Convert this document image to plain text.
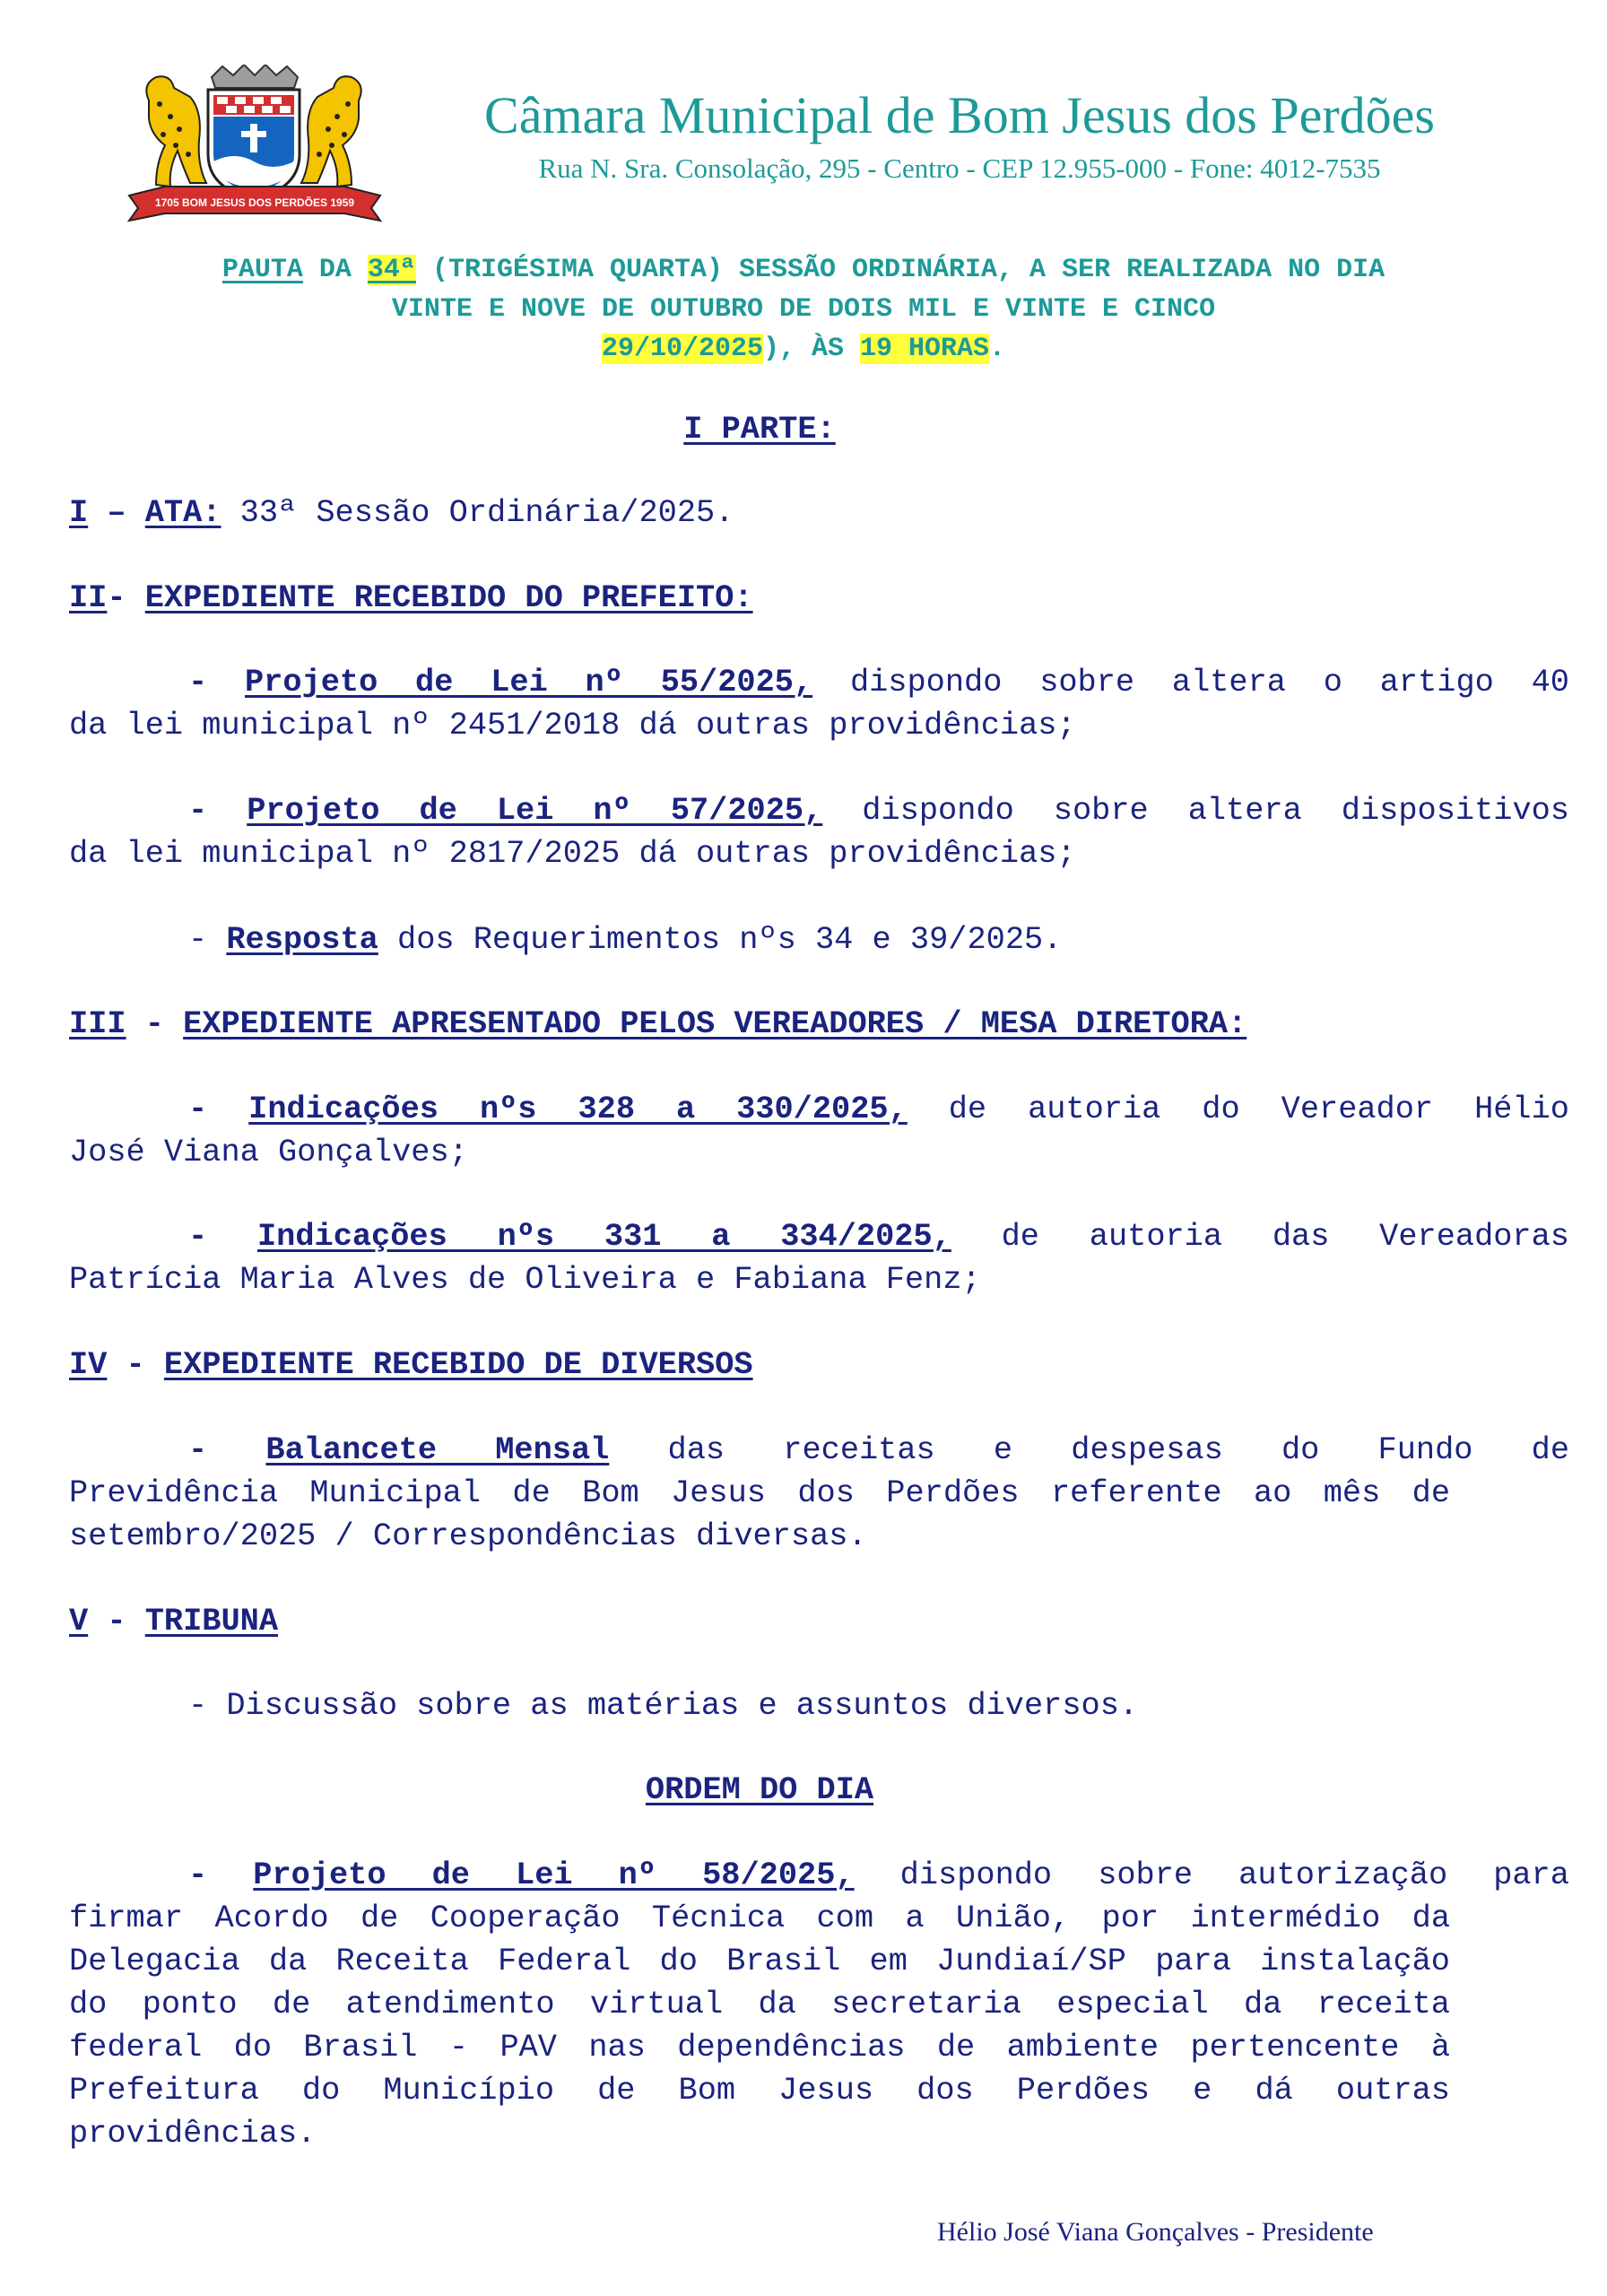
1705 BOM JESUS DOS PERDÕES 1959
Câmara Municipal de Bom Jesus dos Perdões
Rua N. Sra. Consolação, 295 - Centro - CEP 12.955-000 - Fone: 4012-7535
PAUTA DA 34ª (TRIGÉSIMA QUARTA) SESSÃO ORDINÁRIA, A SER REALIZADA NO DIA
VINTE E NOVE DE OUTUBRO DE DOIS MIL E VINTE E CINCO
29/10/2025), ÀS 19 HORAS.
I PARTE:
I – ATA: 33ª Sessão Ordinária/2025.
II- EXPEDIENTE RECEBIDO DO PREFEITO:
- Projeto de Lei nº 55/2025, dispondo sobre altera o artigo 40
da lei municipal nº 2451/2018 dá outras providências;
- Projeto de Lei nº 57/2025, dispondo sobre altera dispositivos
da lei municipal nº 2817/2025 dá outras providências;
- Resposta dos Requerimentos nºs 34 e 39/2025.
III - EXPEDIENTE APRESENTADO PELOS VEREADORES / MESA DIRETORA:
- Indicações nºs 328 a 330/2025, de autoria do Vereador Hélio
José Viana Gonçalves;
- Indicações nºs 331 a 334/2025, de autoria das Vereadoras
Patrícia Maria Alves de Oliveira e Fabiana Fenz;
IV - EXPEDIENTE RECEBIDO DE DIVERSOS
- Balancete Mensal das receitas e despesas do Fundo de
Previdência Municipal de Bom Jesus dos Perdões referente ao mês de
setembro/2025 / Correspondências diversas.
V - TRIBUNA
- Discussão sobre as matérias e assuntos diversos.
ORDEM DO DIA
- Projeto de Lei nº 58/2025, dispondo sobre autorização para
firmar Acordo de Cooperação Técnica com a União, por intermédio da
Delegacia da Receita Federal do Brasil em Jundiaí/SP para instalação
do ponto de atendimento virtual da secretaria especial da receita
federal do Brasil - PAV nas dependências de ambiente pertencente à
Prefeitura do Município de Bom Jesus dos Perdões e dá outras
providências.
Hélio José Viana Gonçalves - Presidente
